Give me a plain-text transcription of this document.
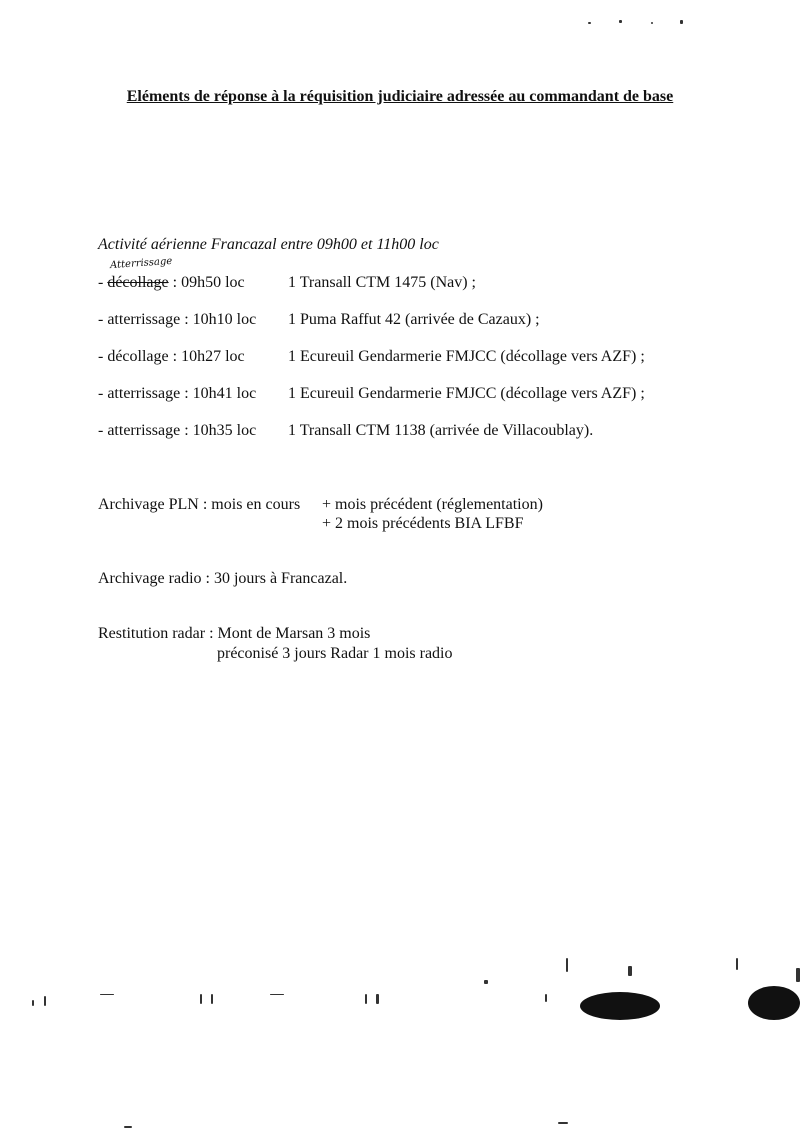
Eléments de réponse à la réquisition judiciaire adressée au commandant de base
Activité aérienne Francazal entre 09h00 et 11h00 loc
Atterrissage
- décollage : 09h50 loc	1 Transall CTM 1475 (Nav) ;
- atterrissage : 10h10 loc 1 Puma Raffut 42 (arrivée de Cazaux) ;
- décollage : 10h27 loc	1 Ecureuil Gendarmerie FMJCC (décollage vers AZF) ;
- atterrissage : 10h41 loc 1 Ecureuil Gendarmerie FMJCC (décollage vers AZF) ;
- atterrissage : 10h35 loc 1 Transall CTM 1138 (arrivée de Villacoublay).
Archivage PLN : mois en cours + mois précédent (réglementation)
+ 2 mois précédents BIA LFBF
Archivage radio : 30 jours à Francazal.
Restitution radar : Mont de Marsan 3 mois
préconisé 3 jours Radar 1 mois radio
